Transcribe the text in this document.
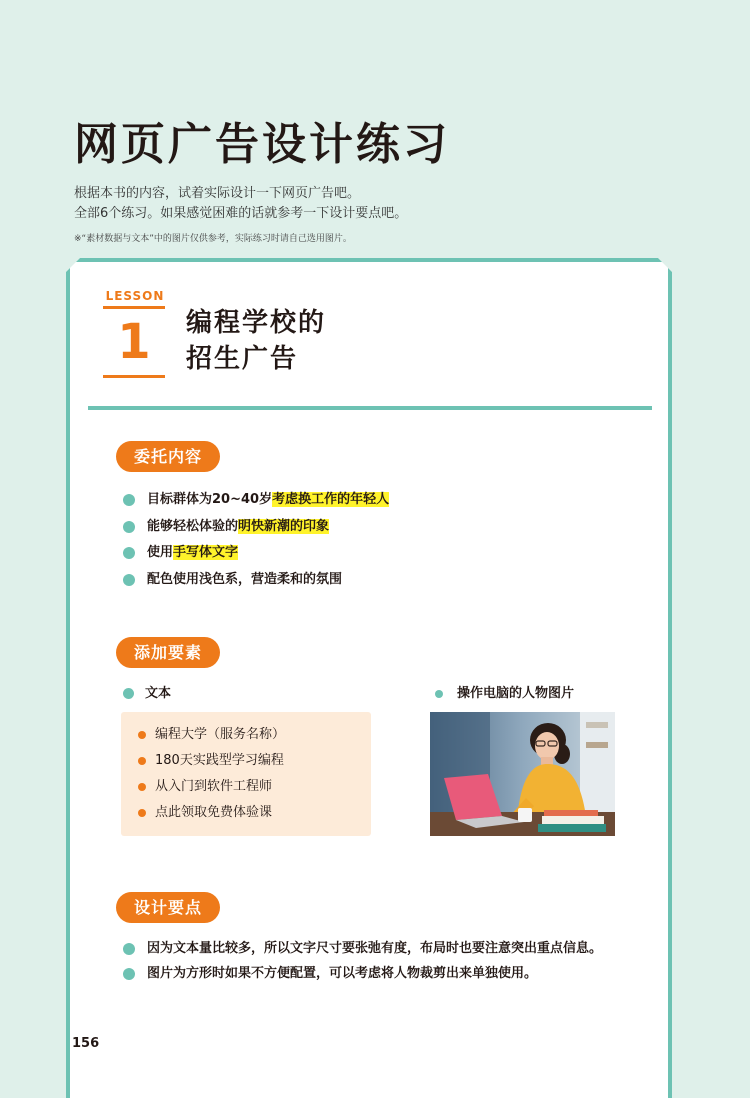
网页广告设计练习

根据本书的内容，试着实际设计一下网页广告吧。

全部6个练习。如果感觉困难的话就参考一下设计要点吧。

※“素材数据与文本”中的图片仅供参考，实际练习时请自己选用图片。
LESSON
1	编程学校的
招生广告
委托内容
目标群体为20~40岁考虑换工作的年轻人
能够轻松体验的明快新潮的印象
使用手写体文字
配色使用浅色系，营造柔和的氛围
添加要素
文本	操作电脑的人物图片
编程大学（服务名称）
180天实践型学习编程
从入门到软件工程师
点此领取免费体验课
设计要点
因为文本量比较多，所以文字尺寸要张弛有度，布局时也要注意突出重点信息。
图片为方形时如果不方便配置，可以考虑将人物裁剪出来单独使用。
156
